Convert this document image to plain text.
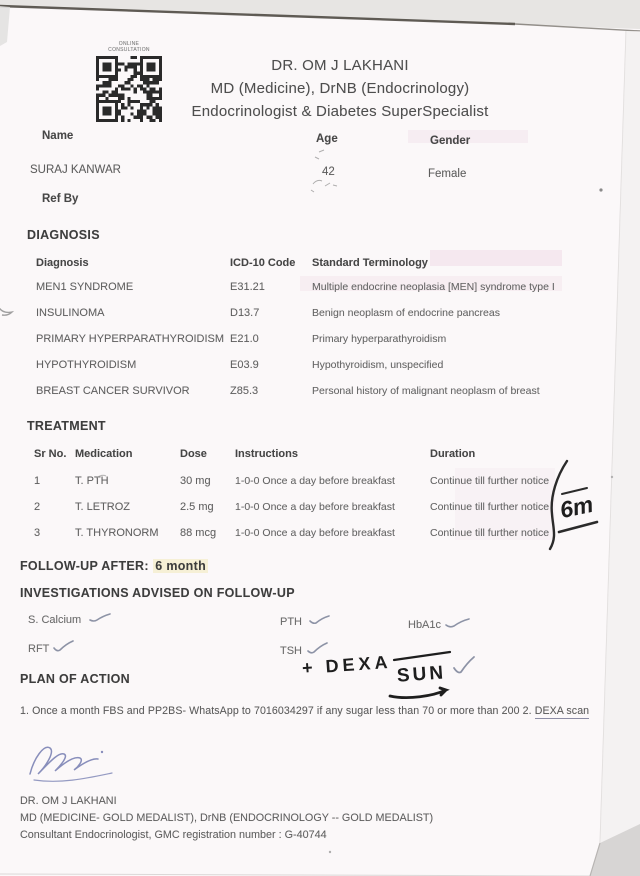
ONLINE CONSULTATION
DR. OM J LAKHANI
MD (Medicine), DrNB (Endocrinology)
Endocrinologist & Diabetes SuperSpecialist
Name	Age	Gender
SURAJ KANWAR	42	Female
Ref By
DIAGNOSIS
Diagnosis	ICD-10 Code Standard Terminology
MEN1 SYNDROME	E31.21	Multiple endocrine neoplasia [MEN] syndrome type I
INSULINOMA	D13.7	Benign neoplasm of endocrine pancreas
PRIMARY HYPERPARATHYROIDISM E21.0	Primary hyperparathyroidism
HYPOTHYROIDISM	E03.9	Hypothyroidism, unspecified
BREAST CANCER SURVIVOR	Z85.3	Personal history of malignant neoplasm of breast
TREATMENT
Sr No. Medication	Dose	Instructions	Duration
1	T. PTH	30 mg 1-0-0 Once a day before breakfast	Continue till further notice
2	T. LETROZ	2.5 mg 1-0-0 Once a day before breakfast	Continue till further notice
3	T. THYRONORM 88 mcg 1-0-0 Once a day before breakfast	Continue till further notice
6m
FOLLOW-UP AFTER: 6 month
INVESTIGATIONS ADVISED ON FOLLOW-UP
S. Calcium
RFT
PTH
TSH
HbA1c
+ DEXA SUN
PLAN OF ACTION
1. Once a month FBS and PP2BS- WhatsApp to 7016034297 if any sugar less than 70 or more than 200 2. DEXA scan
DR. OM J LAKHANI
MD (MEDICINE- GOLD MEDALIST), DrNB (ENDOCRINOLOGY -- GOLD MEDALIST)
Consultant Endocrinologist, GMC registration number : G-40744
